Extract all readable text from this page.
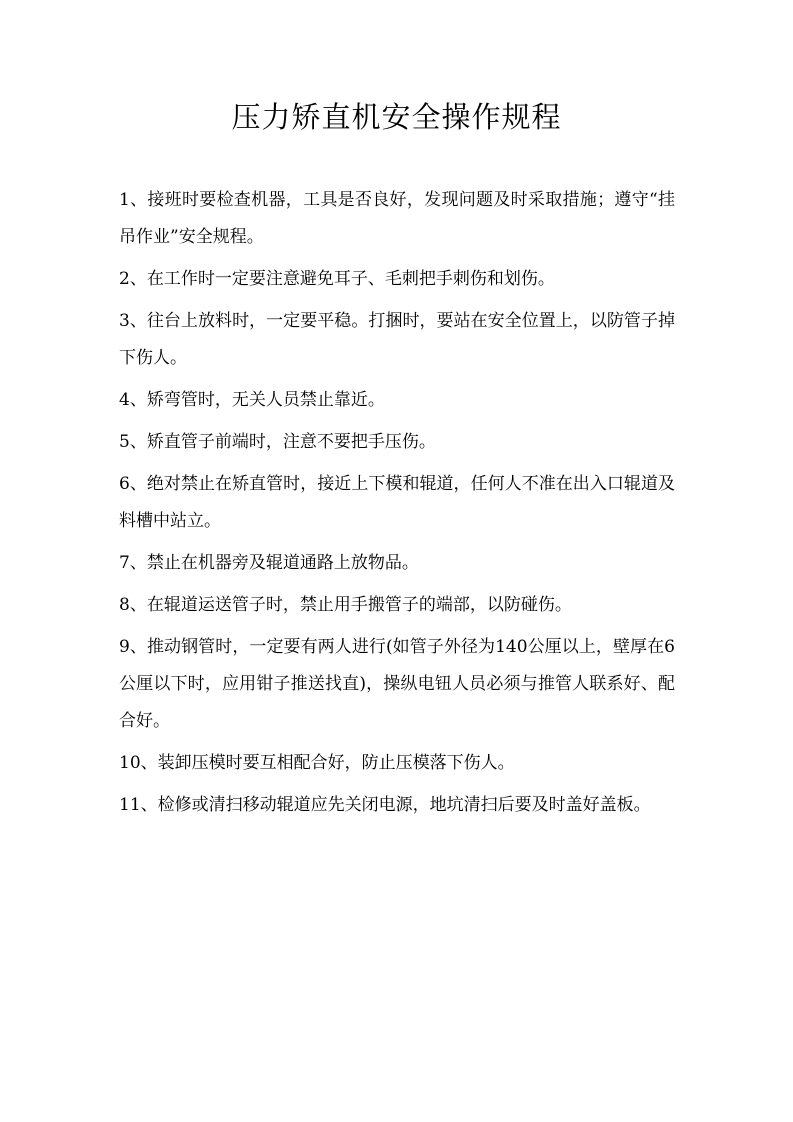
压力矫直机安全操作规程

1、接班时要检查机器，工具是否良好，发现问题及时采取措施；遵守“挂吊作业”安全规程。

2、在工作时一定要注意避免耳子、毛刺把手刺伤和划伤。

3、往台上放料时，一定要平稳。打捆时，要站在安全位置上，以防管子掉下伤人。

4、矫弯管时，无关人员禁止靠近。

5、矫直管子前端时，注意不要把手压伤。

6、绝对禁止在矫直管时，接近上下模和辊道，任何人不准在出入口辊道及料槽中站立。

7、禁止在机器旁及辊道通路上放物品。

8、在辊道运送管子时，禁止用手搬管子的端部，以防碰伤。

9、推动钢管时，一定要有两人进行(如管子外径为140公厘以上，壁厚在6公厘以下时，应用钳子推送找直)，操纵电钮人员必须与推管人联系好、配合好。

10、装卸压模时要互相配合好，防止压模落下伤人。

11、检修或清扫移动辊道应先关闭电源，地坑清扫后要及时盖好盖板。
